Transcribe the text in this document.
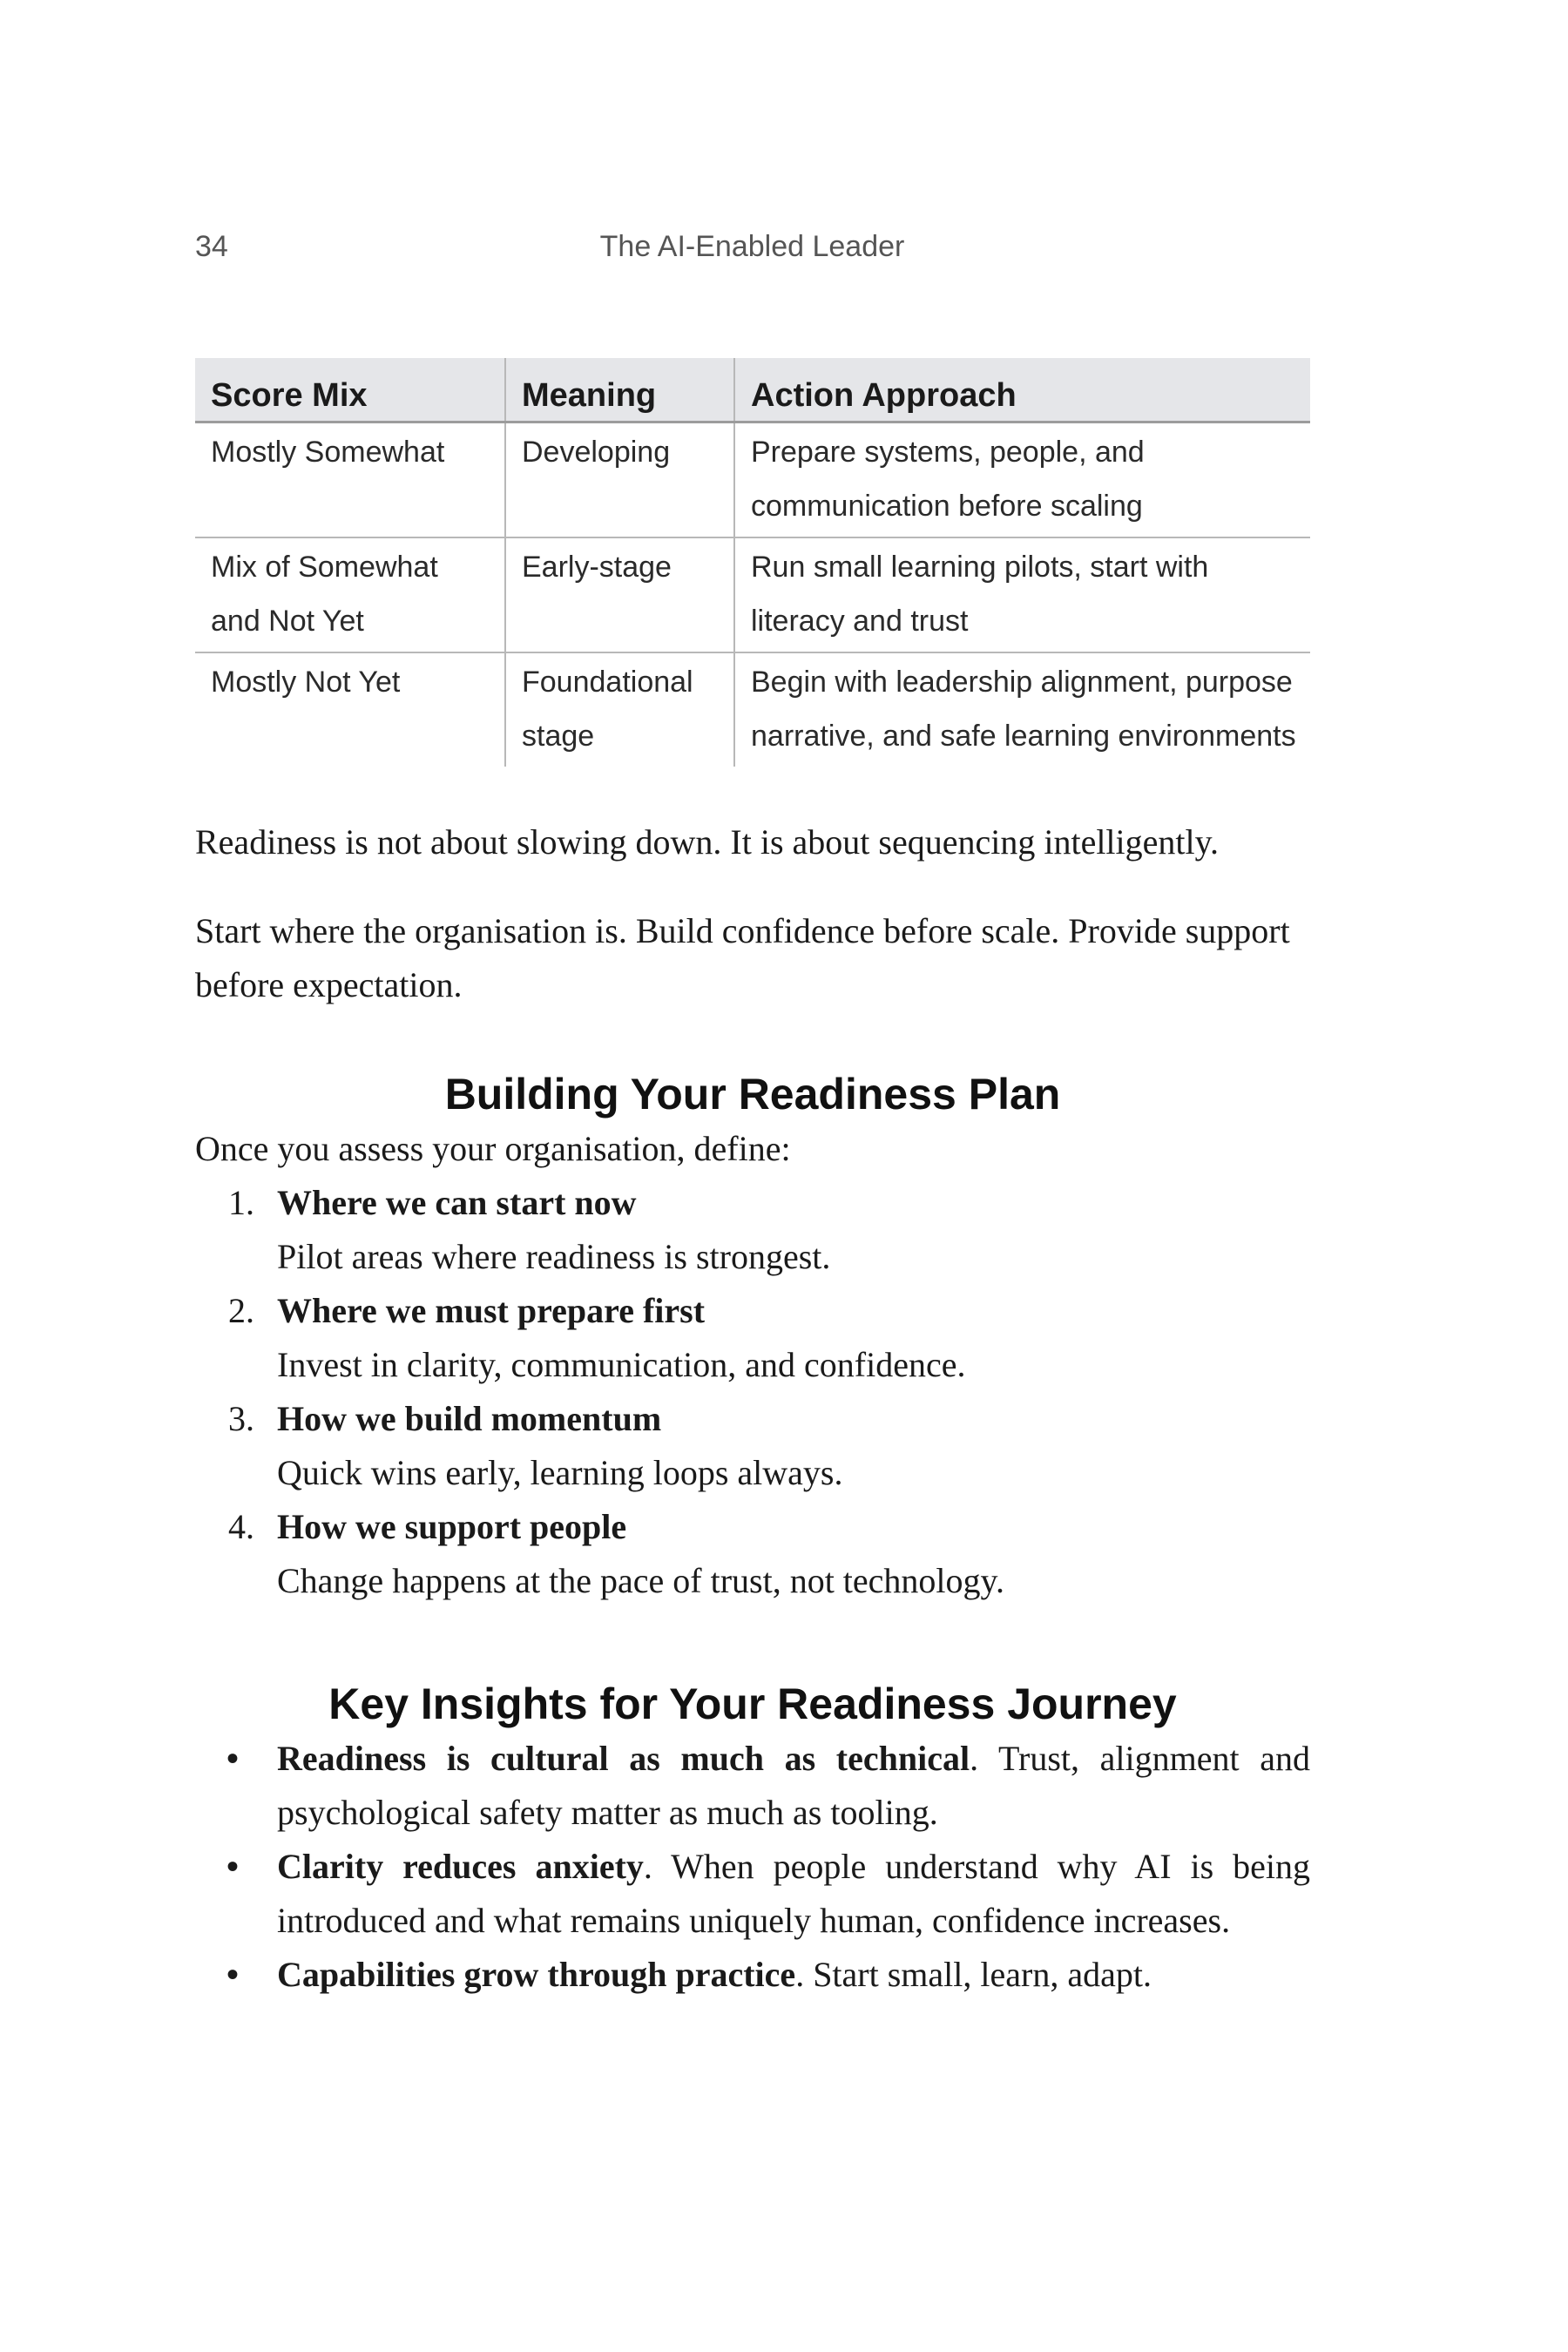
34	The AI-Enabled Leader
Score Mix	Meaning	Action Approach
Mostly Somewhat	Developing	Prepare systems, people, and communication before scaling
Mix of Somewhat and Not Yet	Early-stage	Run small learning pilots, start with literacy and trust
Mostly Not Yet	Foundational stage	Begin with leadership alignment, purpose narrative, and safe learning environments

Readiness is not about slowing down. It is about sequencing intelligently.

Start where the organisation is. Build confidence before scale. Provide support before expectation.

Building Your Readiness Plan

Once you assess your organisation, define:

1. Where we can start now
Pilot areas where readiness is strongest.
2. Where we must prepare first
Invest in clarity, communication, and confidence.
3. How we build momentum
Quick wins early, learning loops always.
4. How we support people
Change happens at the pace of trust, not technology.
Key Insights for Your Readiness Journey
• Readiness is cultural as much as technical. Trust, alignment and psychological safety matter as much as tooling.
• Clarity reduces anxiety. When people understand why AI is being introduced and what remains uniquely human, confidence increases.
• Capabilities grow through practice. Start small, learn, adapt.
